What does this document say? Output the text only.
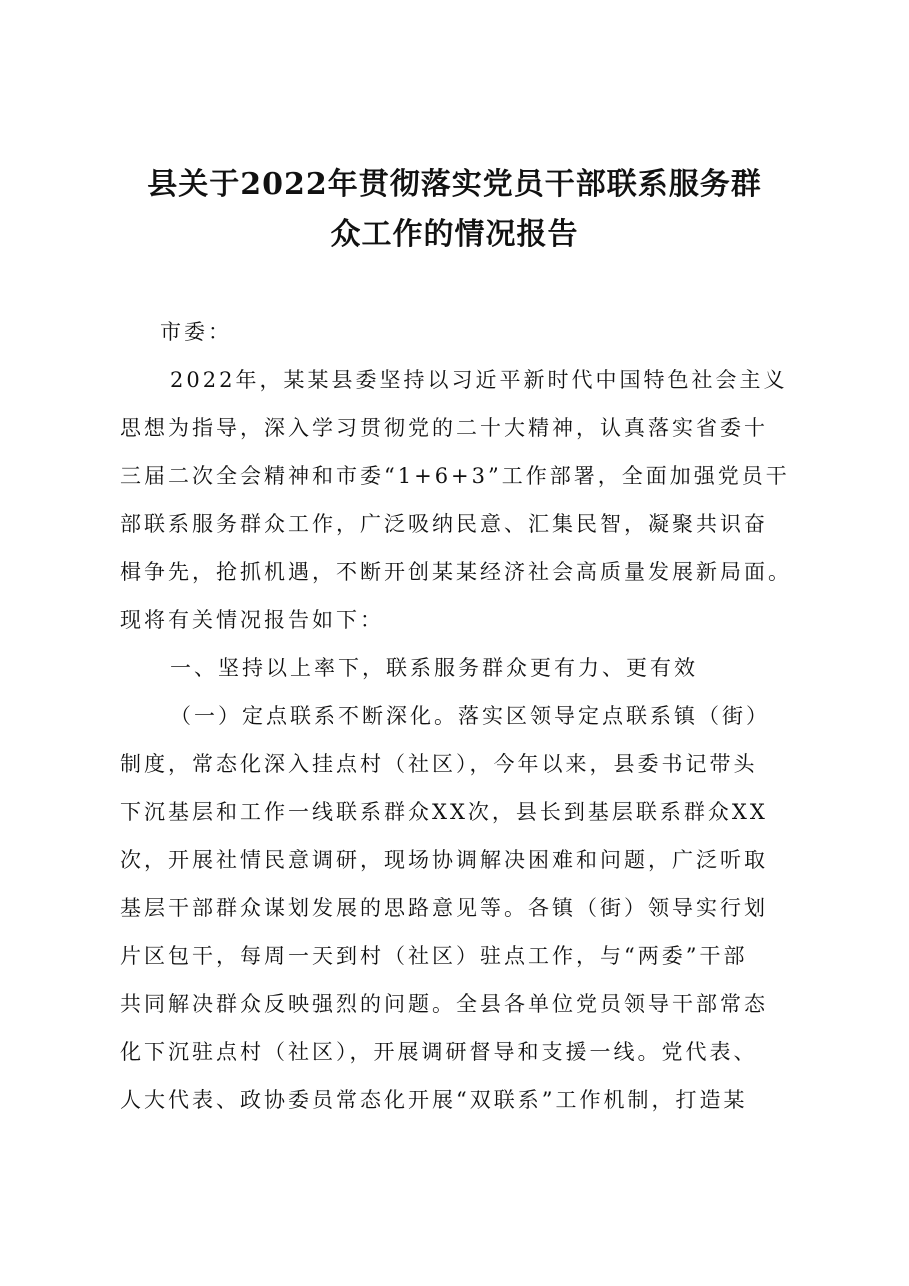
县关于2022年贯彻落实党员干部联系服务群
众工作的情况报告
市委：
2022年，某某县委坚持以习近平新时代中国特色社会主义
思想为指导，深入学习贯彻党的二十大精神，认真落实省委十
三届二次全会精神和市委“1+6+3”工作部署，全面加强党员干
部联系服务群众工作，广泛吸纳民意、汇集民智，凝聚共识奋
楫争先，抢抓机遇，不断开创某某经济社会高质量发展新局面。
现将有关情况报告如下：
一、坚持以上率下，联系服务群众更有力、更有效
（一）定点联系不断深化。落实区领导定点联系镇（街）
制度，常态化深入挂点村（社区），今年以来，县委书记带头
下沉基层和工作一线联系群众XX次，县长到基层联系群众XX
次，开展社情民意调研，现场协调解决困难和问题，广泛听取
基层干部群众谋划发展的思路意见等。各镇（街）领导实行划
片区包干，每周一天到村（社区）驻点工作，与“两委”干部
共同解决群众反映强烈的问题。全县各单位党员领导干部常态
化下沉驻点村（社区），开展调研督导和支援一线。党代表、
人大代表、政协委员常态化开展“双联系”工作机制，打造某
